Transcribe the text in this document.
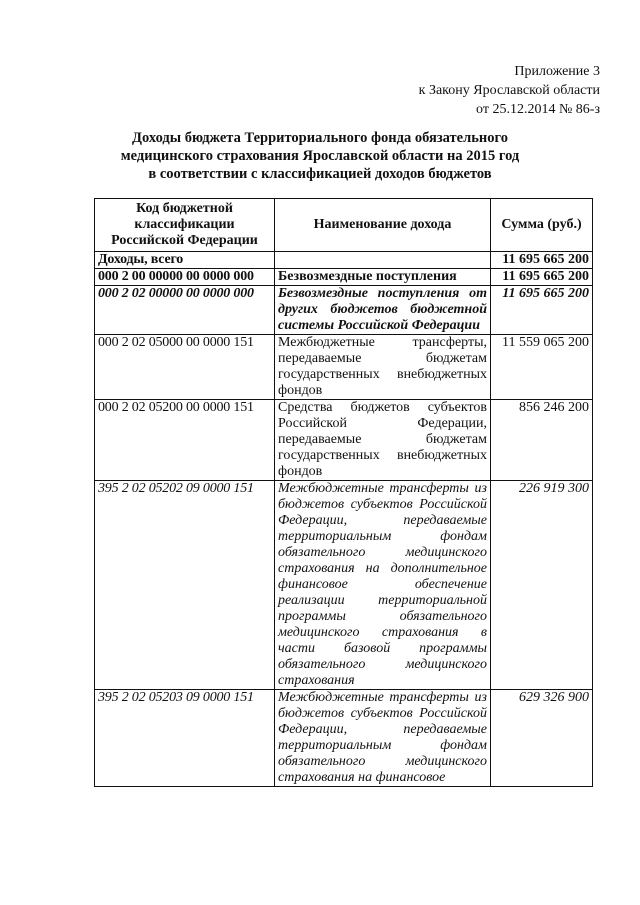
Приложение 3
к Закону Ярославской области
от 25.12.2014 № 86-з
Доходы бюджета Территориального фонда обязательного
медицинского страхования Ярославской области на 2015 год
в соответствии с классификацией доходов бюджетов
Код бюджетной классификации Российской Федерации	Наименование дохода	Сумма (руб.)
Доходы, всего		11 695 665 200
000 2 00 00000 00 0000 000	Безвозмездные поступления	11 695 665 200
000 2 02 00000 00 0000 000	Безвозмездные поступления от других бюджетов бюджетной системы Российской Федерации	11 695 665 200
000 2 02 05000 00 0000 151	Межбюджетные трансферты, передаваемые бюджетам государственных внебюджетных фондов	11 559 065 200
000 2 02 05200 00 0000 151	Средства бюджетов субъектов Российской Федерации, передаваемые бюджетам государственных внебюджетных фондов	856 246 200
395 2 02 05202 09 0000 151	Межбюджетные трансферты из бюджетов субъектов Российской Федерации, передаваемые территориальным фондам обязательного медицинского страхования на дополнительное финансовое обеспечение реализации территориальной программы обязательного медицинского страхования в части базовой программы обязательного медицинского страхования	226 919 300
395 2 02 05203 09 0000 151	Межбюджетные трансферты из бюджетов субъектов Российской Федерации, передаваемые территориальным фондам обязательного медицинского страхования на финансовое	629 326 900
